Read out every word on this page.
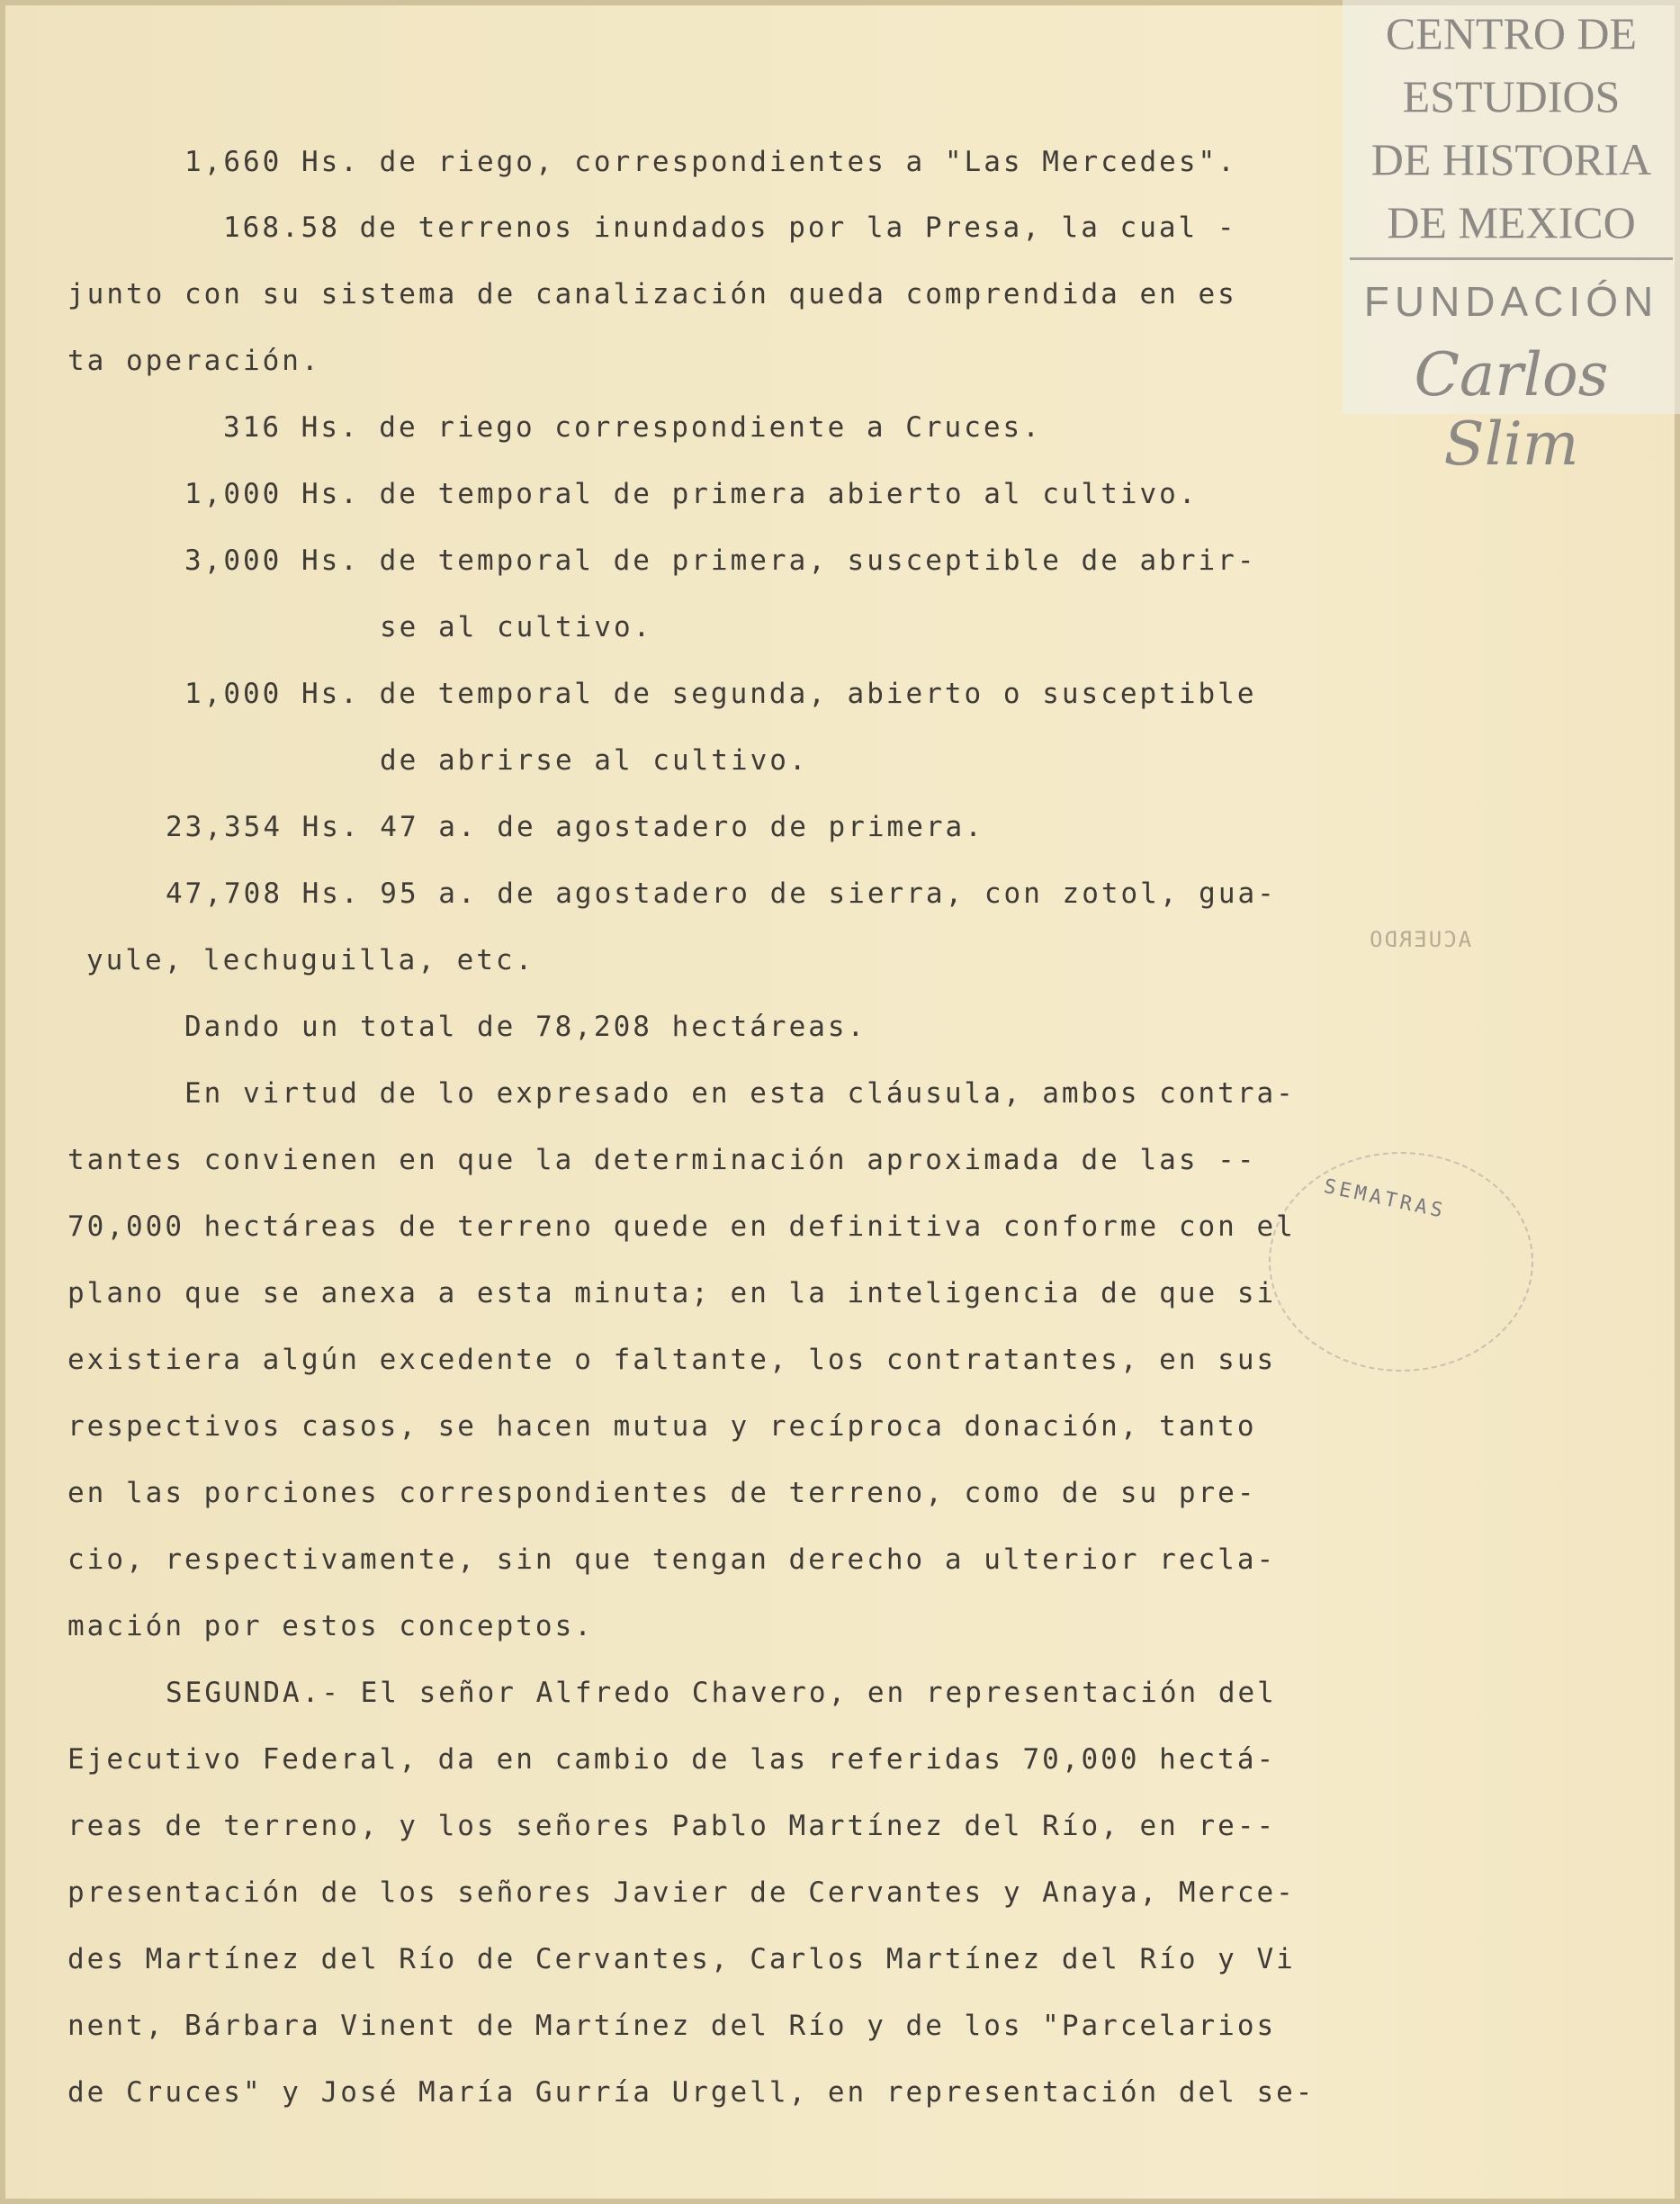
CENTRO DE
ESTUDIOS
DE HISTORIA
DE MEXICO
FUNDACIÓN
Carlos Slim
ACUERDO
SEMATRAS
1,660 Hs. de riego, correspondientes a "Las Mercedes".
168.58 de terrenos inundados por la Presa, la cual -
junto con su sistema de canalización queda comprendida en es
ta operación.
316 Hs. de riego correspondiente a Cruces.
1,000 Hs. de temporal de primera abierto al cultivo.
3,000 Hs. de temporal de primera, susceptible de abrir-
se al cultivo.
1,000 Hs. de temporal de segunda, abierto o susceptible
de abrirse al cultivo.
23,354 Hs. 47 a. de agostadero de primera.
47,708 Hs. 95 a. de agostadero de sierra, con zotol, gua-
yule, lechuguilla, etc.
Dando un total de 78,208 hectáreas.
En virtud de lo expresado en esta cláusula, ambos contra-
tantes convienen en que la determinación aproximada de las --
70,000 hectáreas de terreno quede en definitiva conforme con el
plano que se anexa a esta minuta; en la inteligencia de que si
existiera algún excedente o faltante, los contratantes, en sus
respectivos casos, se hacen mutua y recíproca donación, tanto
en las porciones correspondientes de terreno, como de su pre-
cio, respectivamente, sin que tengan derecho a ulterior recla-
mación por estos conceptos.
SEGUNDA.- El señor Alfredo Chavero, en representación del
Ejecutivo Federal, da en cambio de las referidas 70,000 hectá-
reas de terreno, y los señores Pablo Martínez del Río, en re--
presentación de los señores Javier de Cervantes y Anaya, Merce-
des Martínez del Río de Cervantes, Carlos Martínez del Río y Vi
nent, Bárbara Vinent de Martínez del Río y de los "Parcelarios
de Cruces" y José María Gurría Urgell, en representación del se-
